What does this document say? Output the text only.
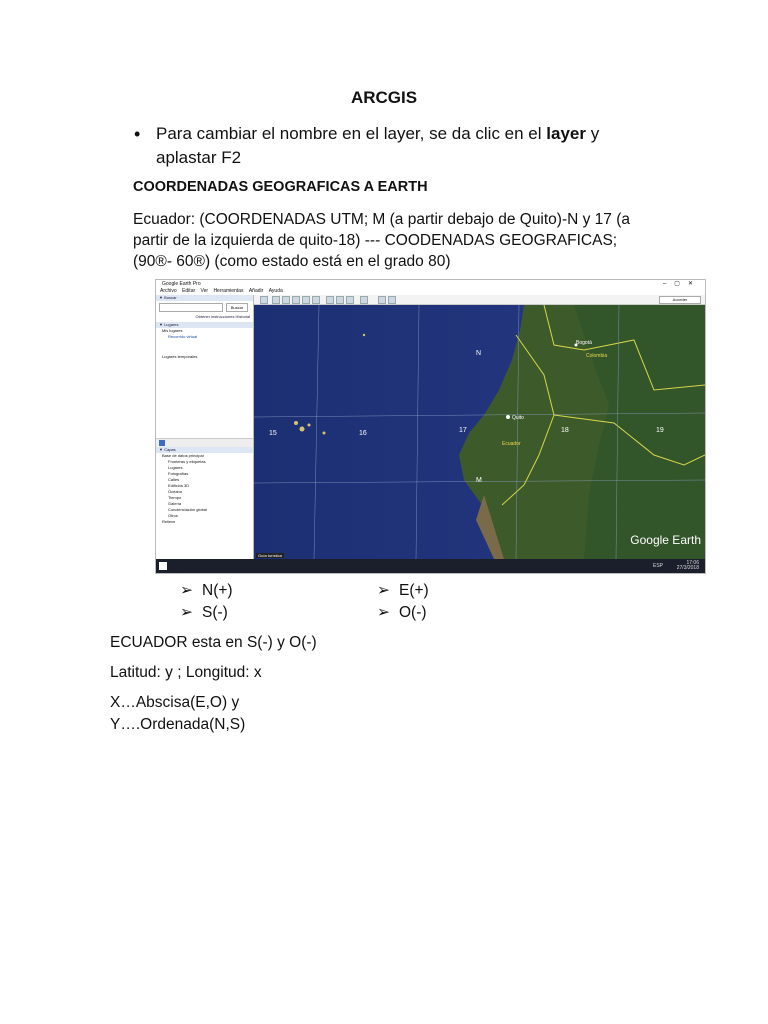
ARCGIS
• Para cambiar el nombre en el layer, se da clic en el layer y
aplastar F2
COORDENADAS GEOGRAFICAS A EARTH
Ecuador: (COORDENADAS UTM; M (a partir debajo de Quito)-N y 17 (a
partir de la izquierda de quito-18) --- COODENADAS GEOGRAFICAS;
(90®- 60®) (como estado está en el grado 80)
Google Earth Pro	–▢✕
Archivo Editar Ver Herramientas Añadir Ayuda
Acceder
▼ Buscar
Buscar
Obtener instrucciones Historial
▼ Lugares
Mis lugares
Recorrido virtual
Lugares temporales
▼ Capas
Base de datos principal
Fronteras y etiquetas
Lugares
Fotografías
Calles
Edificios 3D
Océano
Tiempo
Galería
Concienciación global
Otros
Relieve
15	16	17	18	19
N
M
Bogotá
Colombia
Quito
Ecuador
Google Earth
Guía turística
ESP	17:06
27/3/2018
➢ N(+)	➢ E(+)
➢ S(-)	➢ O(-)
ECUADOR esta en S(-) y O(-)
Latitud: y ; Longitud: x
X…Abscisa(E,O) y
Y….Ordenada(N,S)
